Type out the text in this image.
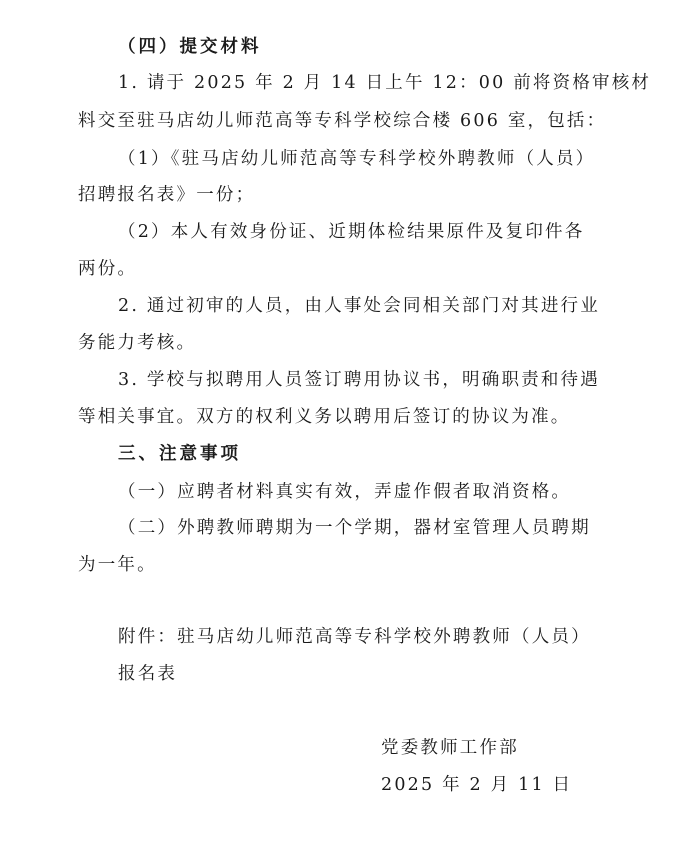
（四）提交材料
1. 请于 2025 年 2 月 14 日上午 12：00 前将资格审核材
料交至驻马店幼儿师范高等专科学校综合楼 606 室，包括：
（1）《驻马店幼儿师范高等专科学校外聘教师（人员）
招聘报名表》一份；
（2）本人有效身份证、近期体检结果原件及复印件各
两份。
2. 通过初审的人员，由人事处会同相关部门对其进行业
务能力考核。
3. 学校与拟聘用人员签订聘用协议书，明确职责和待遇
等相关事宜。双方的权利义务以聘用后签订的协议为准。
三、注意事项
（一）应聘者材料真实有效，弄虚作假者取消资格。
（二）外聘教师聘期为一个学期，器材室管理人员聘期
为一年。
附件：驻马店幼儿师范高等专科学校外聘教师（人员）
报名表
党委教师工作部
2025 年 2 月 11 日
